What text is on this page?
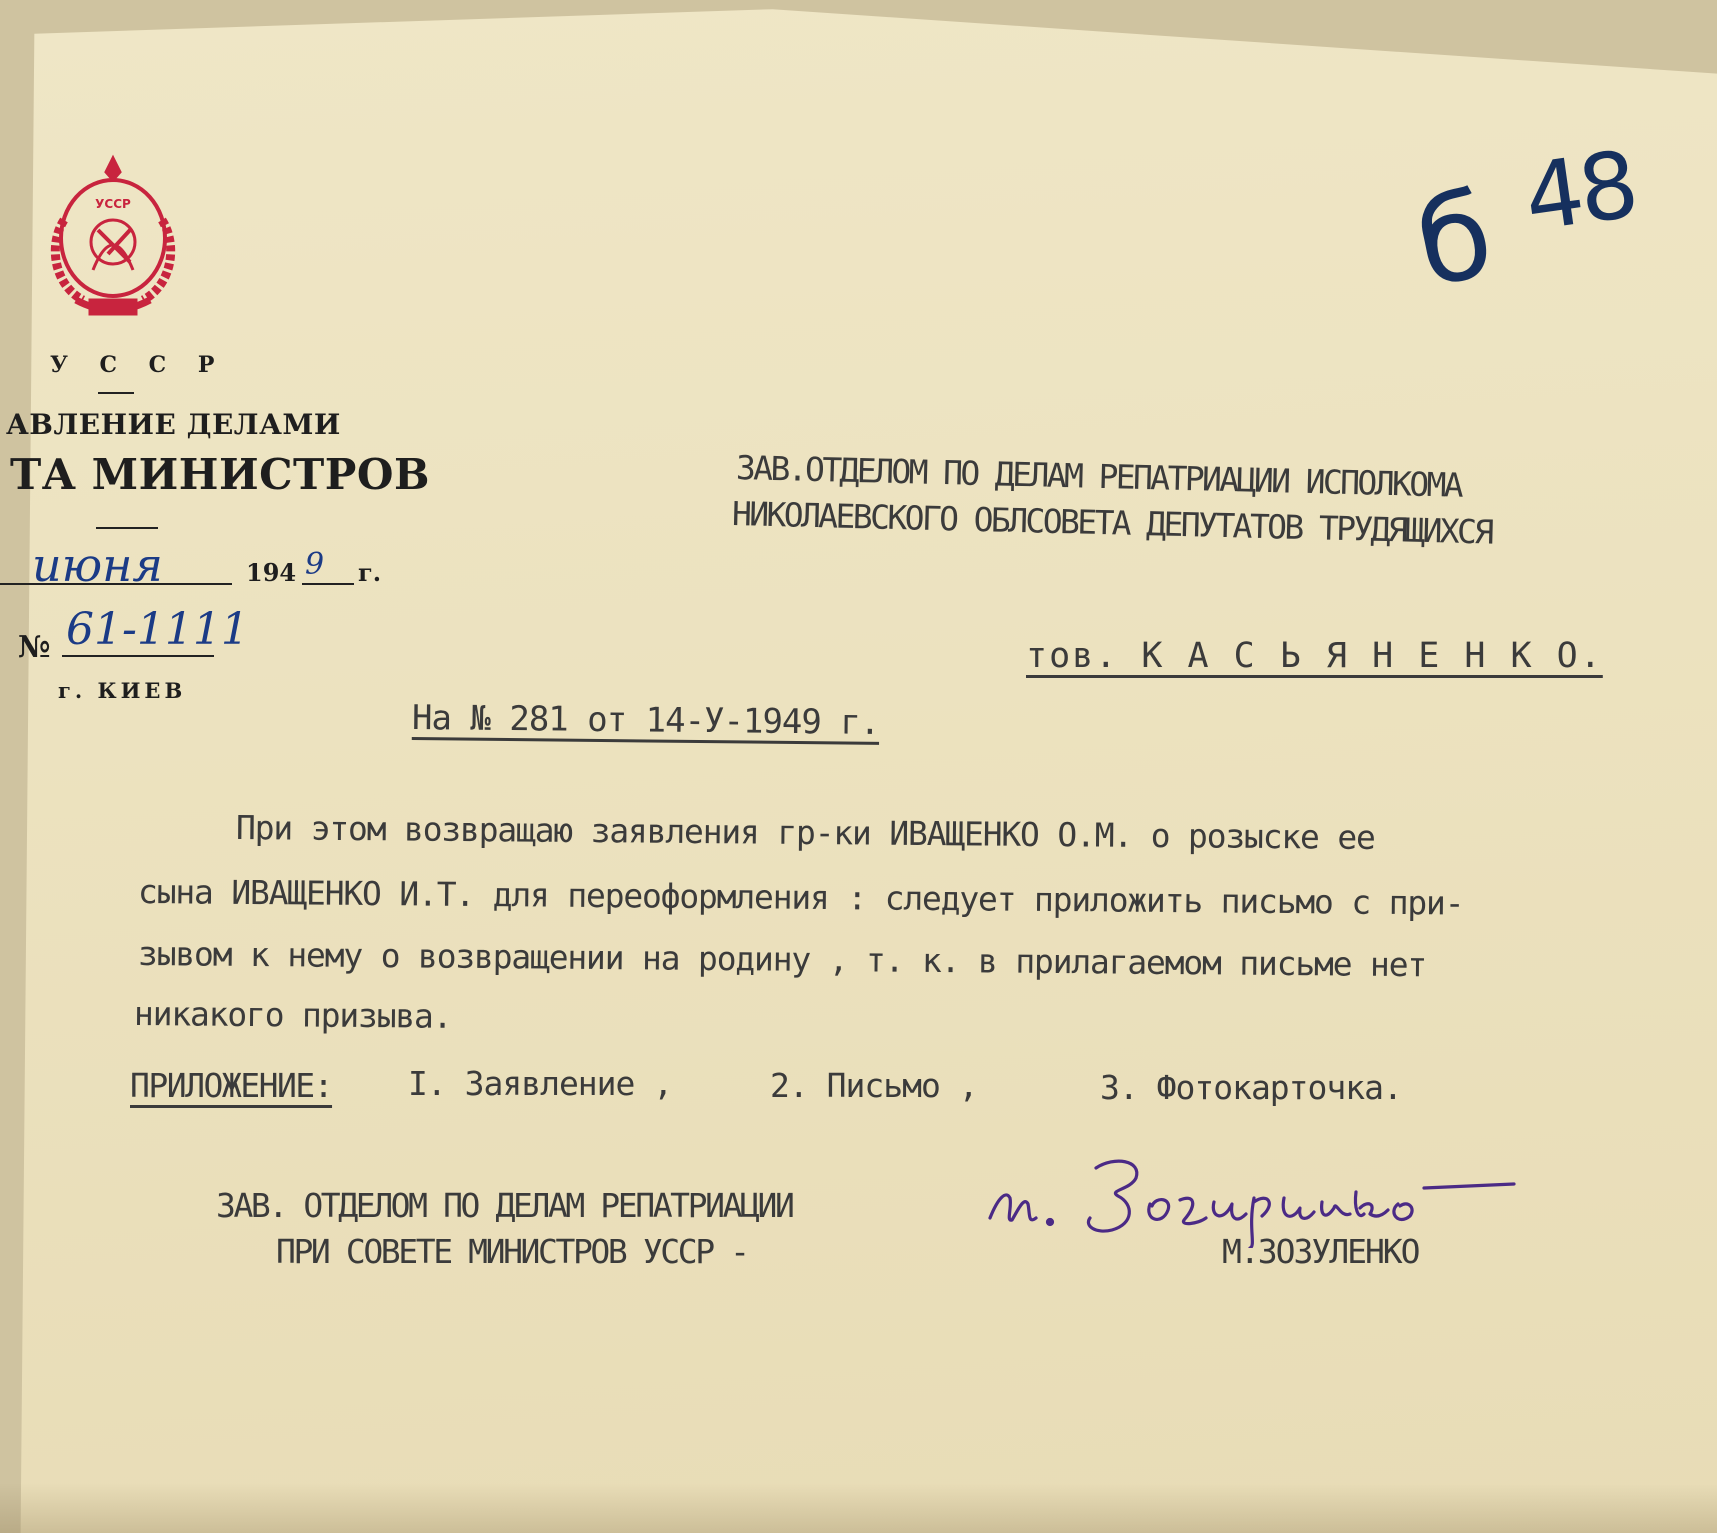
УССР
У С С Р
АВЛЕНИЕ ДЕЛАМИ
ТА МИНИСТРОВ
июня	194 9 г.
№ 61-1111
г. КИЕВ
б 48
ЗАВ.ОТДЕЛОМ ПО ДЕЛАМ РЕПАТРИАЦИИ ИСПОЛКОМА
НИКОЛАЕВСКОГО ОБЛСОВЕТА ДЕПУТАТОВ ТРУДЯЩИХСЯ
тов. К А С Ь Я Н Е Н К О.
На № 281 от 14-У-1949 г.
При этом возвращаю заявления гр-ки ИВАЩЕНКО О.М. о розыске ее
сына ИВАЩЕНКО И.Т. для переоформления : следует приложить письмо с при-
зывом к нему о возвращении на родину , т. к. в прилагаемом письме нет
никакого призыва.
ПРИЛОЖЕНИЕ: I. Заявление ,	2. Письмо ,	3. Фотокарточка.
ЗАВ. ОТДЕЛОМ ПО ДЕЛАМ РЕПАТРИАЦИИ
ПРИ СОВЕТЕ МИНИСТРОВ УССР -	М.ЗОЗУЛЕНКО
